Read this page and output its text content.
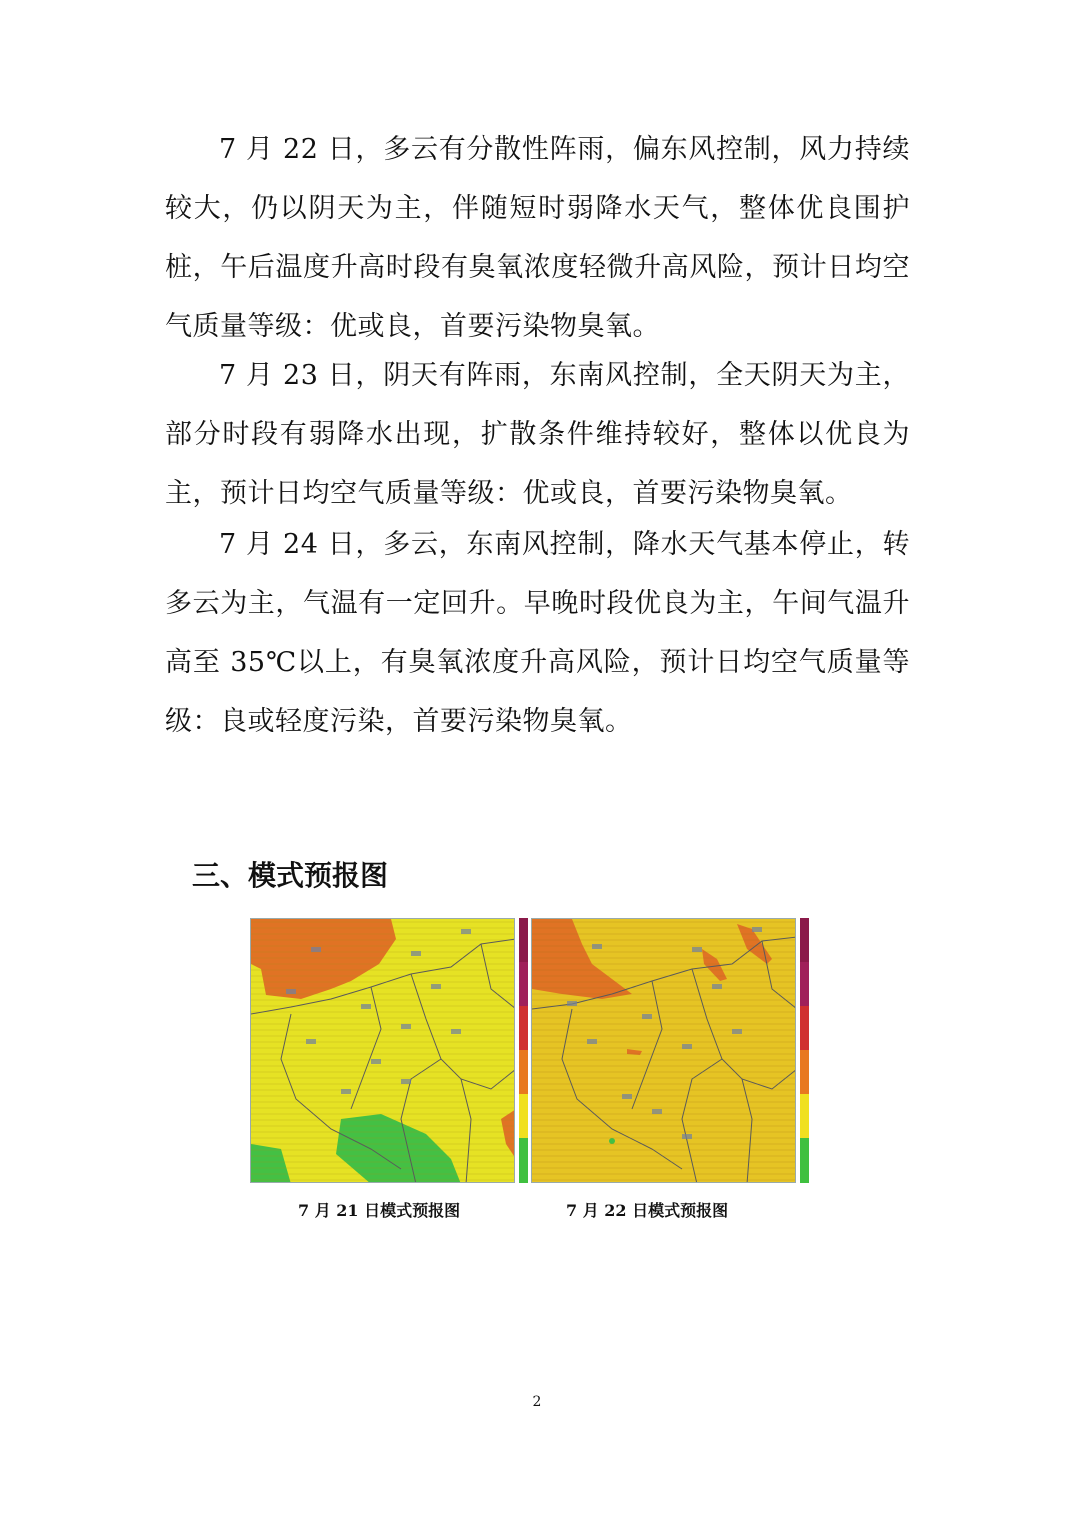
7 月 22 日，多云有分散性阵雨，偏东风控制，风力持续较大，仍以阴天为主，伴随短时弱降水天气，整体优良围护桩，午后温度升高时段有臭氧浓度轻微升高风险，预计日均空气质量等级：优或良，首要污染物臭氧。

7 月 23 日，阴天有阵雨，东南风控制，全天阴天为主，部分时段有弱降水出现，扩散条件维持较好，整体以优良为主，预计日均空气质量等级：优或良，首要污染物臭氧。

7 月 24 日，多云，东南风控制，降水天气基本停止，转多云为主，气温有一定回升。早晚时段优良为主，午间气温升高至 35℃以上，有臭氧浓度升高风险，预计日均空气质量等级：良或轻度污染，首要污染物臭氧。

三、模式预报图
7 月 21 日模式预报图	7 月 22 日模式预报图
2
